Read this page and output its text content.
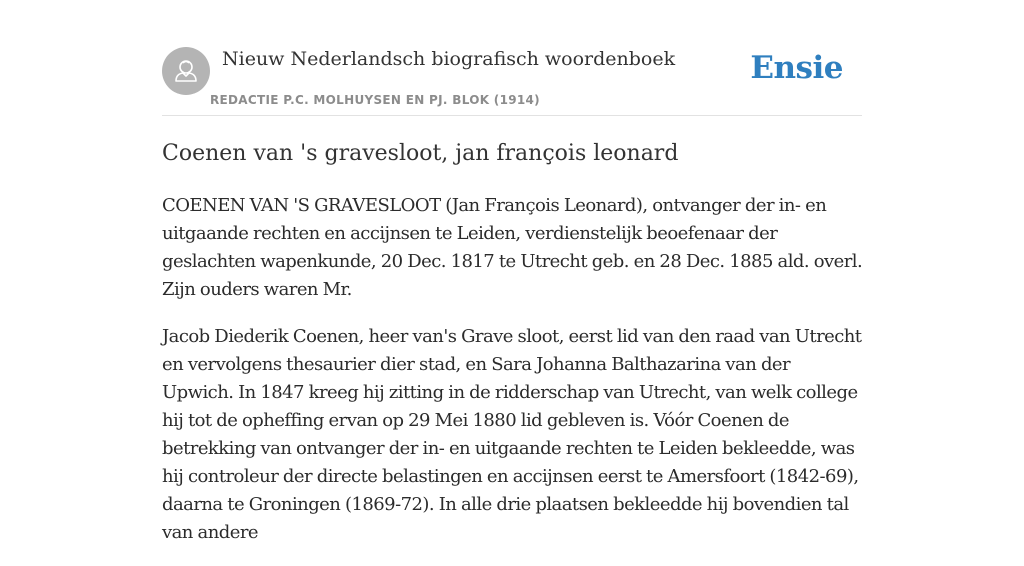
Nieuw Nederlandsch biografisch woordenboek
REDACTIE P.C. MOLHUYSEN EN PJ. BLOK (1914)
Ensie
Coenen van 's gravesloot, jan françois leonard

COENEN VAN 'S GRAVESLOOT (Jan François Leonard), ontvanger der in- en uitgaande rechten en accijnsen te Leiden, verdienstelijk beoefenaar der geslachten wapenkunde, 20 Dec. 1817 te Utrecht geb. en 28 Dec. 1885 ald. overl. Zijn ouders waren Mr.

Jacob Diederik Coenen, heer van's Grave sloot, eerst lid van den raad van Utrecht en vervolgens thesaurier dier stad, en Sara Johanna Balthazarina van der Upwich. In 1847 kreeg hij zitting in de ridderschap van Utrecht, van welk college hij tot de opheffing ervan op 29 Mei 1880 lid gebleven is. Vóór Coenen de betrekking van ontvanger der in- en uitgaande rechten te Leiden bekleedde, was hij controleur der directe belastingen en accijnsen eerst te Amersfoort (1842-69), daarna te Groningen (1869-72). In alle drie plaatsen bekleedde hij bovendien tal van andere
